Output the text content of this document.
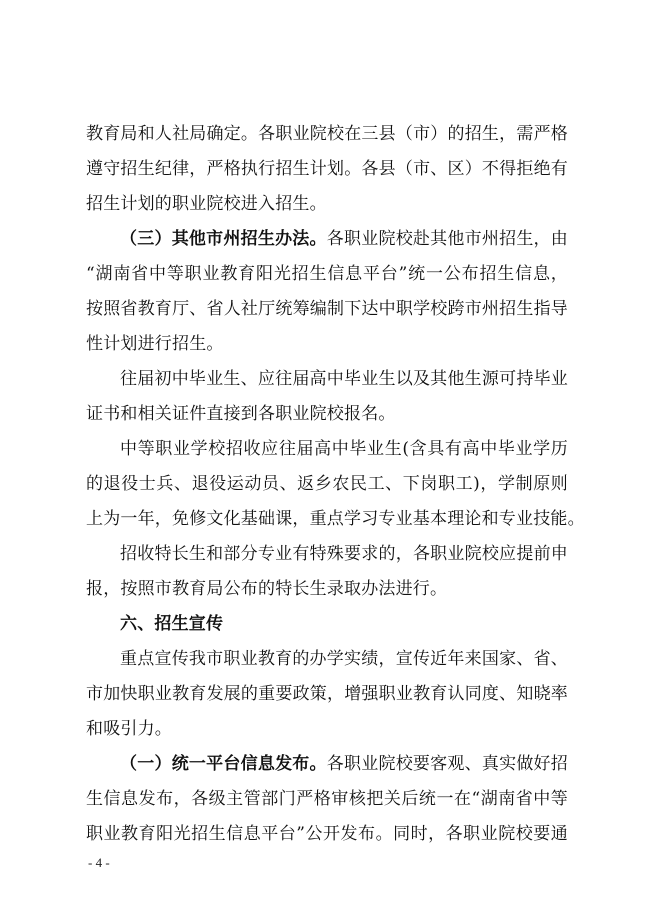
教育局和人社局确定。各职业院校在三县（市）的招生，需严格
遵守招生纪律，严格执行招生计划。各县（市、区）不得拒绝有
招生计划的职业院校进入招生。
（三）其他市州招生办法。各职业院校赴其他市州招生，由
“湖南省中等职业教育阳光招生信息平台”统一公布招生信息，
按照省教育厅、省人社厅统筹编制下达中职学校跨市州招生指导
性计划进行招生。
往届初中毕业生、应往届高中毕业生以及其他生源可持毕业
证书和相关证件直接到各职业院校报名。
中等职业学校招收应往届高中毕业生(含具有高中毕业学历
的退役士兵、退役运动员、返乡农民工、下岗职工)，学制原则
上为一年，免修文化基础课，重点学习专业基本理论和专业技能。
招收特长生和部分专业有特殊要求的，各职业院校应提前申
报，按照市教育局公布的特长生录取办法进行。
六、招生宣传
重点宣传我市职业教育的办学实绩，宣传近年来国家、省、
市加快职业教育发展的重要政策，增强职业教育认同度、知晓率
和吸引力。
（一）统一平台信息发布。各职业院校要客观、真实做好招
生信息发布，各级主管部门严格审核把关后统一在“湖南省中等
职业教育阳光招生信息平台”公开发布。同时，各职业院校要通
- 4 -
